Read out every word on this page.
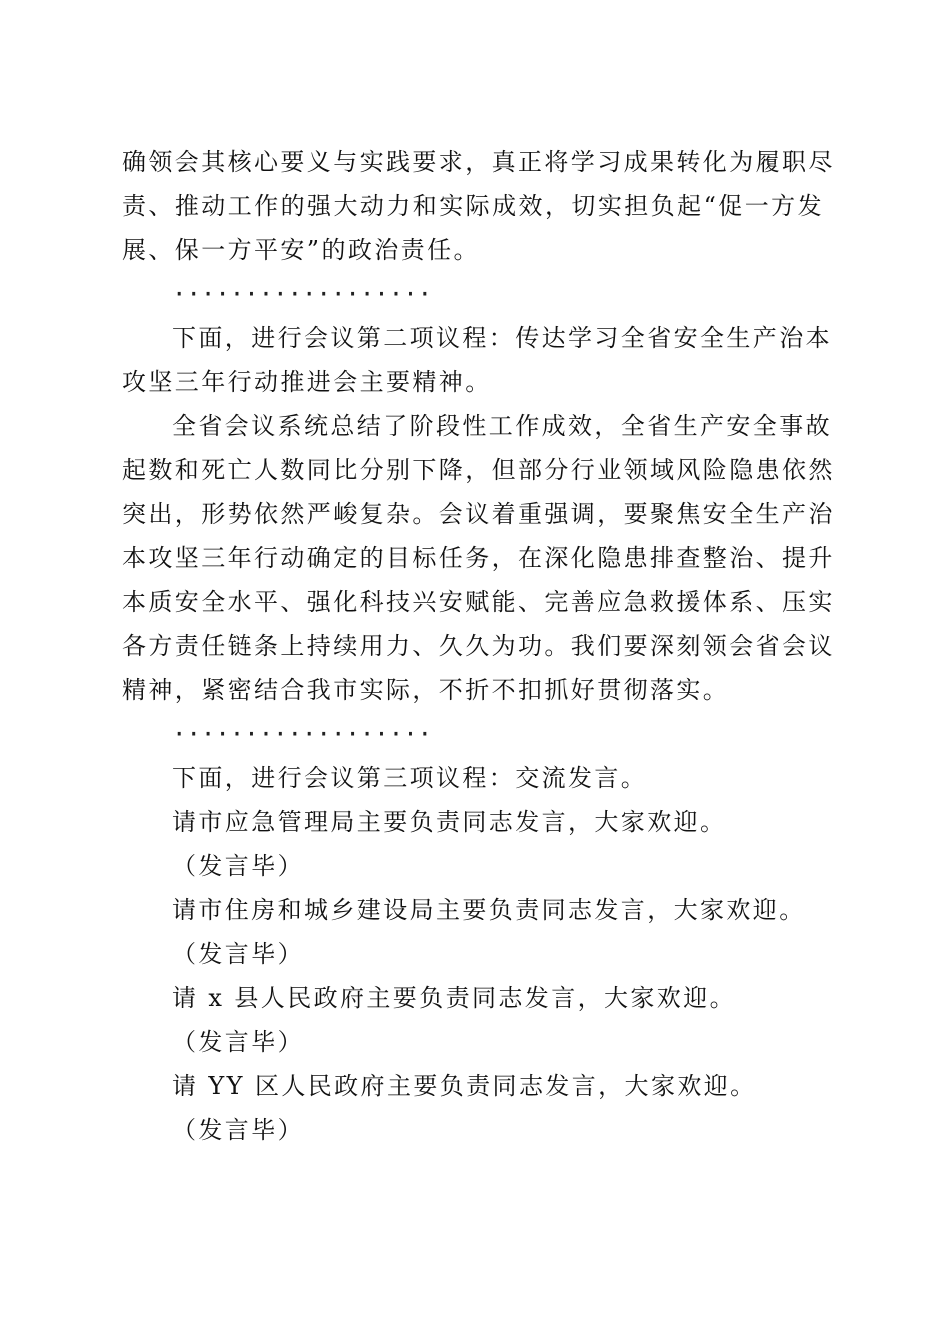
确领会其核心要义与实践要求，真正将学习成果转化为履职尽
责、推动工作的强大动力和实际成效，切实担负起“促一方发
展、保一方平安”的政治责任。
··················
下面，进行会议第二项议程：传达学习全省安全生产治本
攻坚三年行动推进会主要精神。
全省会议系统总结了阶段性工作成效，全省生产安全事故
起数和死亡人数同比分别下降，但部分行业领域风险隐患依然
突出，形势依然严峻复杂。会议着重强调，要聚焦安全生产治
本攻坚三年行动确定的目标任务，在深化隐患排查整治、提升
本质安全水平、强化科技兴安赋能、完善应急救援体系、压实
各方责任链条上持续用力、久久为功。我们要深刻领会省会议
精神，紧密结合我市实际，不折不扣抓好贯彻落实。
··················
下面，进行会议第三项议程：交流发言。
请市应急管理局主要负责同志发言，大家欢迎。
（发言毕）
请市住房和城乡建设局主要负责同志发言，大家欢迎。
（发言毕）
请 x 县人民政府主要负责同志发言，大家欢迎。
（发言毕）
请 YY 区人民政府主要负责同志发言，大家欢迎。
（发言毕）
